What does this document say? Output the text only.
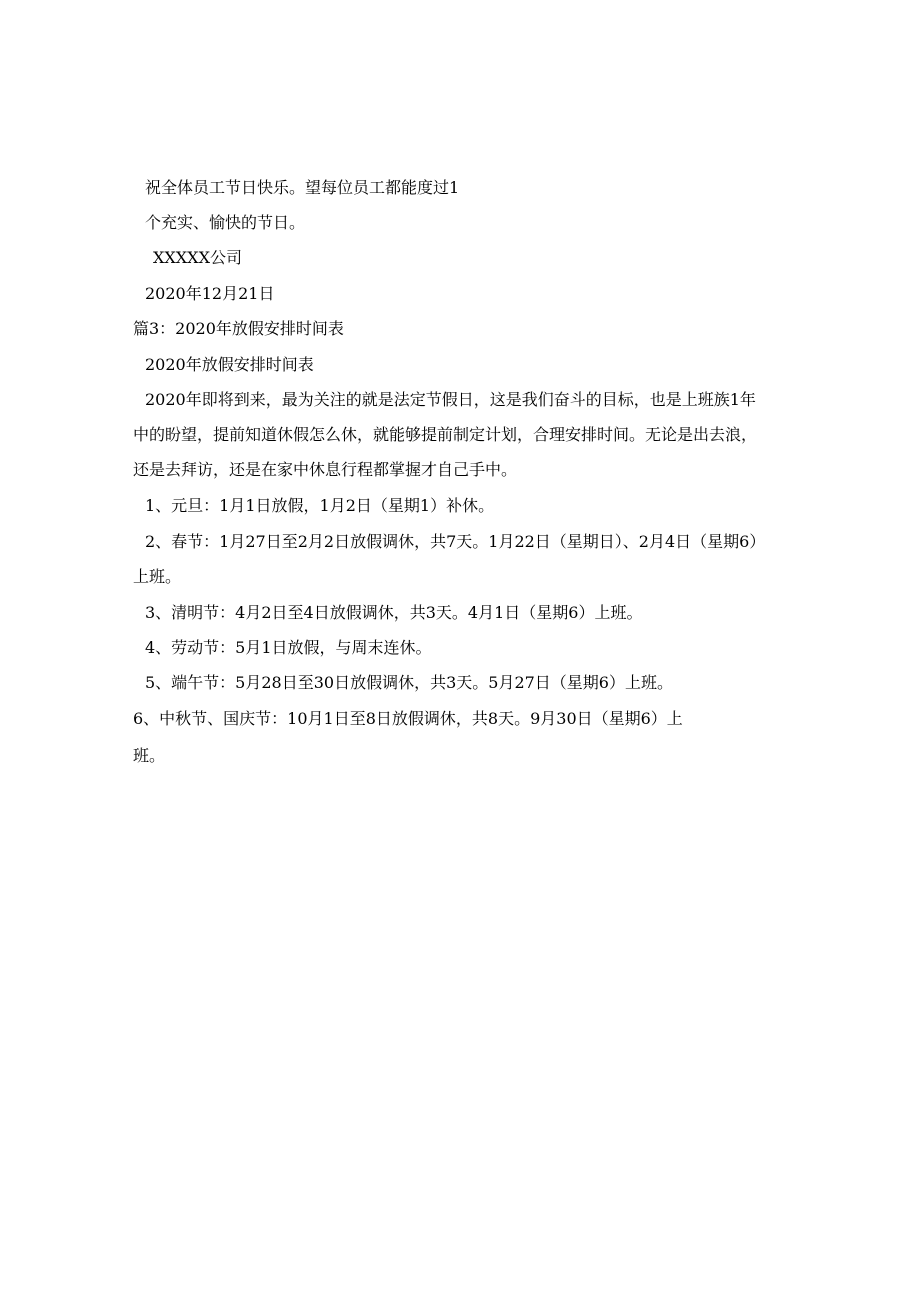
祝全体员工节日快乐。望每位员工都能度过1

个充实、愉快的节日。

XXXXX公司

2020年12月21日

篇3：2020年放假安排时间表

2020年放假安排时间表

2020年即将到来，最为关注的就是法定节假日，这是我们奋斗的目标，也是上班族1年

中的盼望，提前知道休假怎么休，就能够提前制定计划，合理安排时间。无论是出去浪，

还是去拜访，还是在家中休息行程都掌握才自己手中。

1、元旦：1月1日放假，1月2日（星期1）补休。

2、春节：1月27日至2月2日放假调休，共7天。1月22日（星期日）、2月4日（星期6）

上班。

3、清明节：4月2日至4日放假调休，共3天。4月1日（星期6）上班。

4、劳动节：5月1日放假，与周末连休。

5、端午节：5月28日至30日放假调休，共3天。5月27日（星期6）上班。

6、中秋节、国庆节：10月1日至8日放假调休，共8天。9月30日（星期6）上

班。
